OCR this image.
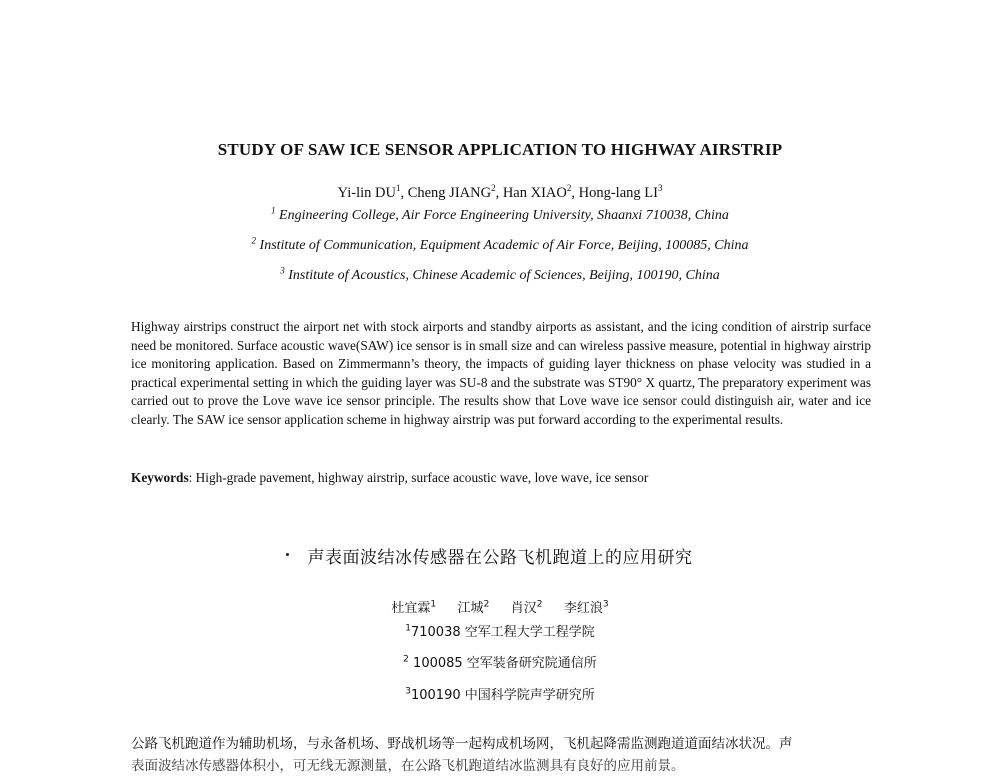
STUDY OF SAW ICE SENSOR APPLICATION TO HIGHWAY AIRSTRIP
Yi-lin $DU^1$, Cheng JIANG$^2$, Han XIAO$^2$, Hong-lang $LI^3$
$^1$ Engineering College, Air Force Engineering University, Shaanxi 710038, China
$^2$ Institute of Communication, Equipment Academic of Air Force, Beijing, 100085, China
$^3$ Institute of Acoustics, Chinese Academic of Sciences, Beijing, 100190, China
Highway airstrips construct the airport net with stock airports and standby airports as assistant, and the icing condition of airstrip surface need be monitored. Surface acoustic wave(SAW) ice sensor is in small size and can wireless passive measure, potential in highway airstrip ice monitoring application. Based on Zimmermann’s theory, the impacts of guiding layer thickness on phase velocity was studied in a practical experimental setting in which the guiding layer was SU-8 and the substrate was ST90° X quartz, The preparatory experiment was carried out to prove the Love wave ice sensor principle. The results show that Love wave ice sensor could distinguish air, water and ice clearly. The SAW ice sensor application scheme in highway airstrip was put forward according to the experimental results.
Keywords: High-grade pavement, highway airstrip, surface acoustic wave, love wave, ice sensor
声表面波结冰传感器在公路飞机跑道上的应用研究
杜宜霖$^1$ 江城$^2$ 肖汉$^2$ 李红浪$^3$
$^1$710038 空军工程大学工程学院
$^2$ 100085 空军装备研究院通信所
$^3$100190 中国科学院声学研究所
公路飞机跑道作为辅助机场，与永备机场、野战机场等一起构成机场网，飞机起降需监测跑道道面结冰状况。声
表面波结冰传感器体积小，可无线无源测量，在公路飞机跑道结冰监测具有良好的应用前景。
